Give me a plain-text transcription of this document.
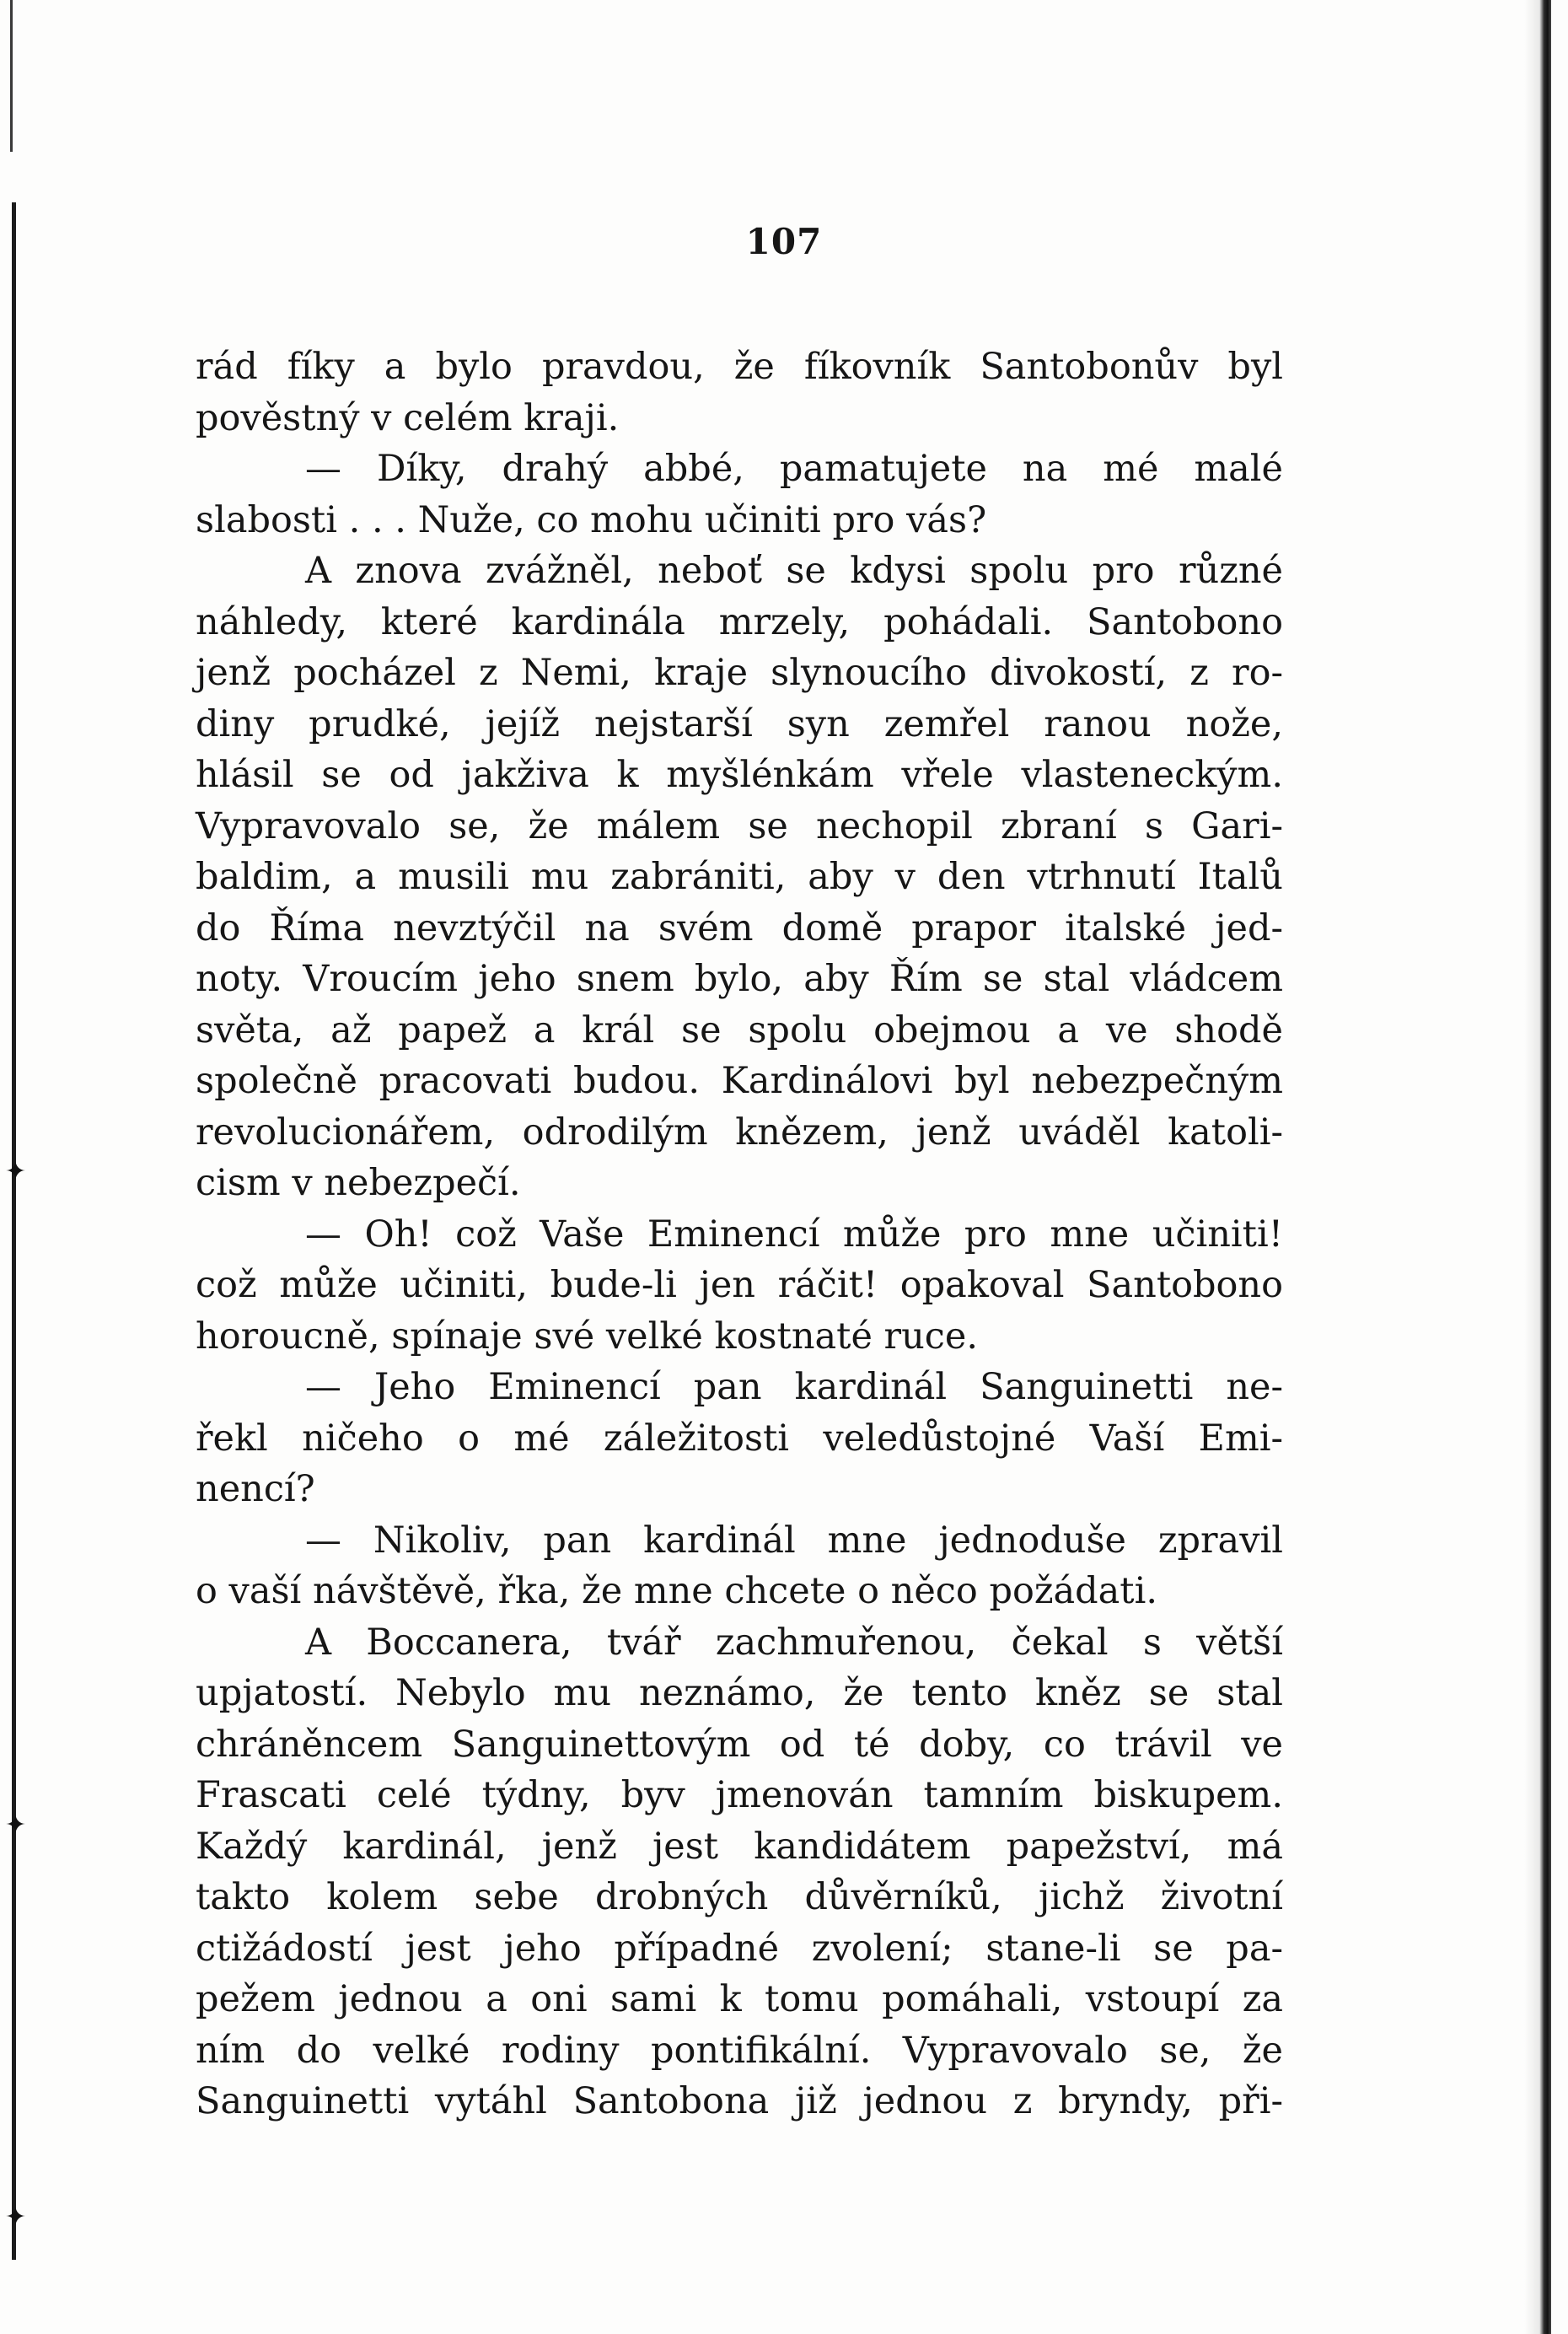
✦
✦
✦
107
rád fíky a bylo pravdou, že fíkovník Santobonův byl
pověstný v celém kraji.
— Díky, drahý abbé, pamatujete na mé malé
slabosti . . . Nuže, co mohu učiniti pro vás?
A znova zvážněl, neboť se kdysi spolu pro různé
náhledy, které kardinála mrzely, pohádali. Santobono
jenž pocházel z Nemi, kraje slynoucího divokostí, z ro-
diny prudké, jejíž nejstarší syn zemřel ranou nože,
hlásil se od jakživa k myšlénkám vřele vlasteneckým.
Vypravovalo se, že málem se nechopil zbraní s Gari-
baldim, a musili mu zabrániti, aby v den vtrhnutí Italů
do Říma nevztýčil na svém domě prapor italské jed-
noty. Vroucím jeho snem bylo, aby Řím se stal vládcem
světa, až papež a král se spolu obejmou a ve shodě
společně pracovati budou. Kardinálovi byl nebezpečným
revolucionářem, odrodilým knězem, jenž uváděl katoli-
cism v nebezpečí.
— Oh! což Vaše Eminencí může pro mne učiniti!
což může učiniti, bude-li jen ráčit! opakoval Santobono
horoucně, spínaje své velké kostnaté ruce.
— Jeho Eminencí pan kardinál Sanguinetti ne-
řekl ničeho o mé záležitosti veledůstojné Vaší Emi-
nencí?
— Nikoliv, pan kardinál mne jednoduše zpravil
o vaší návštěvě, řka, že mne chcete o něco požádati.
A Boccanera, tvář zachmuřenou, čekal s větší
upjatostí. Nebylo mu neznámo, že tento kněz se stal
chráněncem Sanguinettovým od té doby, co trávil ve
Frascati celé týdny, byv jmenován tamním biskupem.
Každý kardinál, jenž jest kandidátem papežství, má
takto kolem sebe drobných důvěrníků, jichž životní
ctižádostí jest jeho případné zvolení; stane-li se pa-
pežem jednou a oni sami k tomu pomáhali, vstoupí za
ním do velké rodiny pontifikální. Vypravovalo se, že
Sanguinetti vytáhl Santobona již jednou z bryndy, při-
